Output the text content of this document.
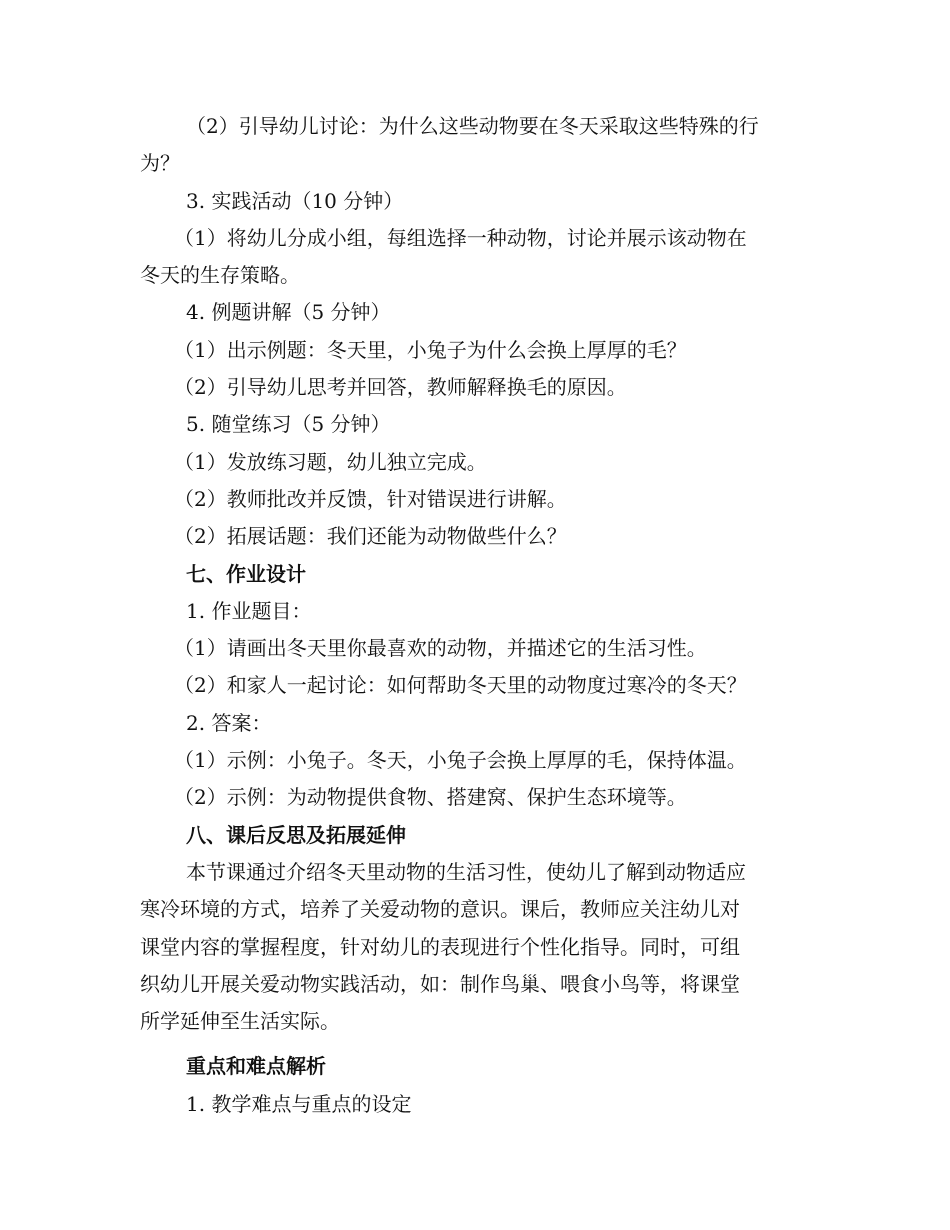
（2）引导幼儿讨论：为什么这些动物要在冬天采取这些特殊的行
为？
3. 实践活动（10 分钟）
（1）将幼儿分成小组，每组选择一种动物，讨论并展示该动物在
冬天的生存策略。
4. 例题讲解（5 分钟）
（1）出示例题：冬天里，小兔子为什么会换上厚厚的毛？
（2）引导幼儿思考并回答，教师解释换毛的原因。
5. 随堂练习（5 分钟）
（1）发放练习题，幼儿独立完成。
（2）教师批改并反馈，针对错误进行讲解。
（2）拓展话题：我们还能为动物做些什么？
七、作业设计
1. 作业题目：
（1）请画出冬天里你最喜欢的动物，并描述它的生活习性。
（2）和家人一起讨论：如何帮助冬天里的动物度过寒冷的冬天？
2. 答案：
（1）示例：小兔子。冬天，小兔子会换上厚厚的毛，保持体温。
（2）示例：为动物提供食物、搭建窝、保护生态环境等。
八、课后反思及拓展延伸
本节课通过介绍冬天里动物的生活习性，使幼儿了解到动物适应
寒冷环境的方式，培养了关爱动物的意识。课后，教师应关注幼儿对
课堂内容的掌握程度，针对幼儿的表现进行个性化指导。同时，可组
织幼儿开展关爱动物实践活动，如：制作鸟巢、喂食小鸟等，将课堂
所学延伸至生活实际。
重点和难点解析
1. 教学难点与重点的设定
